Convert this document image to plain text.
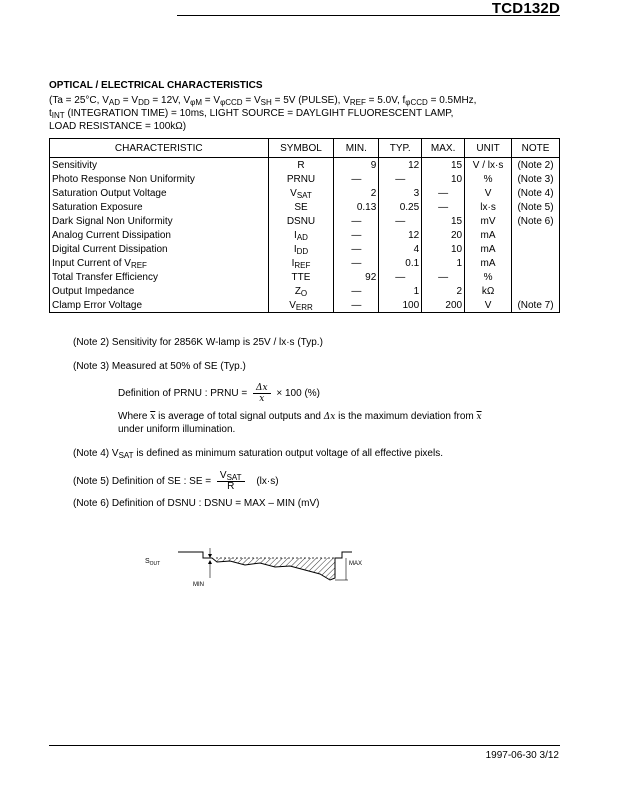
TCD132D
OPTICAL / ELECTRICAL CHARACTERISTICS
(Ta = 25°C, $V_{AD} = V_{DD} = 12V$, $V_{\varphi M} = V_{\varphi CCD} = V_{SH} = 5V$ (PULSE), $V_{REF} = 5.0V$, $f_{\varphi CCD} = 0.5MHz$,
$t_{INT}$ (INTEGRATION TIME) = 10ms, LIGHT SOURCE = DAYLGIHT FLUORESCENT LAMP,
LOAD RESISTANCE = 100kΩ)
CHARACTERISTIC	SYMBOL	MIN.	TYP.	MAX.	UNIT	NOTE
Sensitivity	R	9	12	15	V / lx·s	(Note 2)
Photo Response Non Uniformity	PRNU	—	—	10	%	(Note 3)
Saturation Output Voltage	$V_{SAT}$	2	3	—	V	(Note 4)
Saturation Exposure	SE	0.13	0.25	—	lx·s	(Note 5)
Dark Signal Non Uniformity	DSNU	—	—	15	mV	(Note 6)
Analog Current Dissipation	$I_{AD}$	—	12	20	mA	
Digital Current Dissipation	$I_{DD}$	—	4	10	mA	
Input Current of $V_{REF}$	$I_{REF}$	—	0.1	1	mA	
Total Transfer Efficiency	TTE	92	—	—	%	
Output Impedance	$Z_O$	—	1	2	kΩ	
Clamp Error Voltage	$V_{ERR}$	—	100	200	V	(Note 7)
(Note 2) Sensitivity for 2856K W-lamp is 25V / lx·s (Typ.)
(Note 3) Measured at 50% of SE (Typ.)
Definition of PRNU : PRNU = $\frac{\Delta x}{x} \times 100$ (%)
Where $\overline{x}$ is average of total signal outputs and Δx is the maximum deviation from $\overline{x}$
under uniform illumination.
(Note 4) $V_{SAT}$ is defined as minimum saturation output voltage of all effective pixels.
(Note 5) Definition of SE : SE = $\frac{V_{SAT}}{R} (lx\cdot s)$
(Note 6) Definition of DSNU : DSNU = MAX – MIN (mV)
$S_{OUT}$	MAX
MIN
1997-06-30 3/12
